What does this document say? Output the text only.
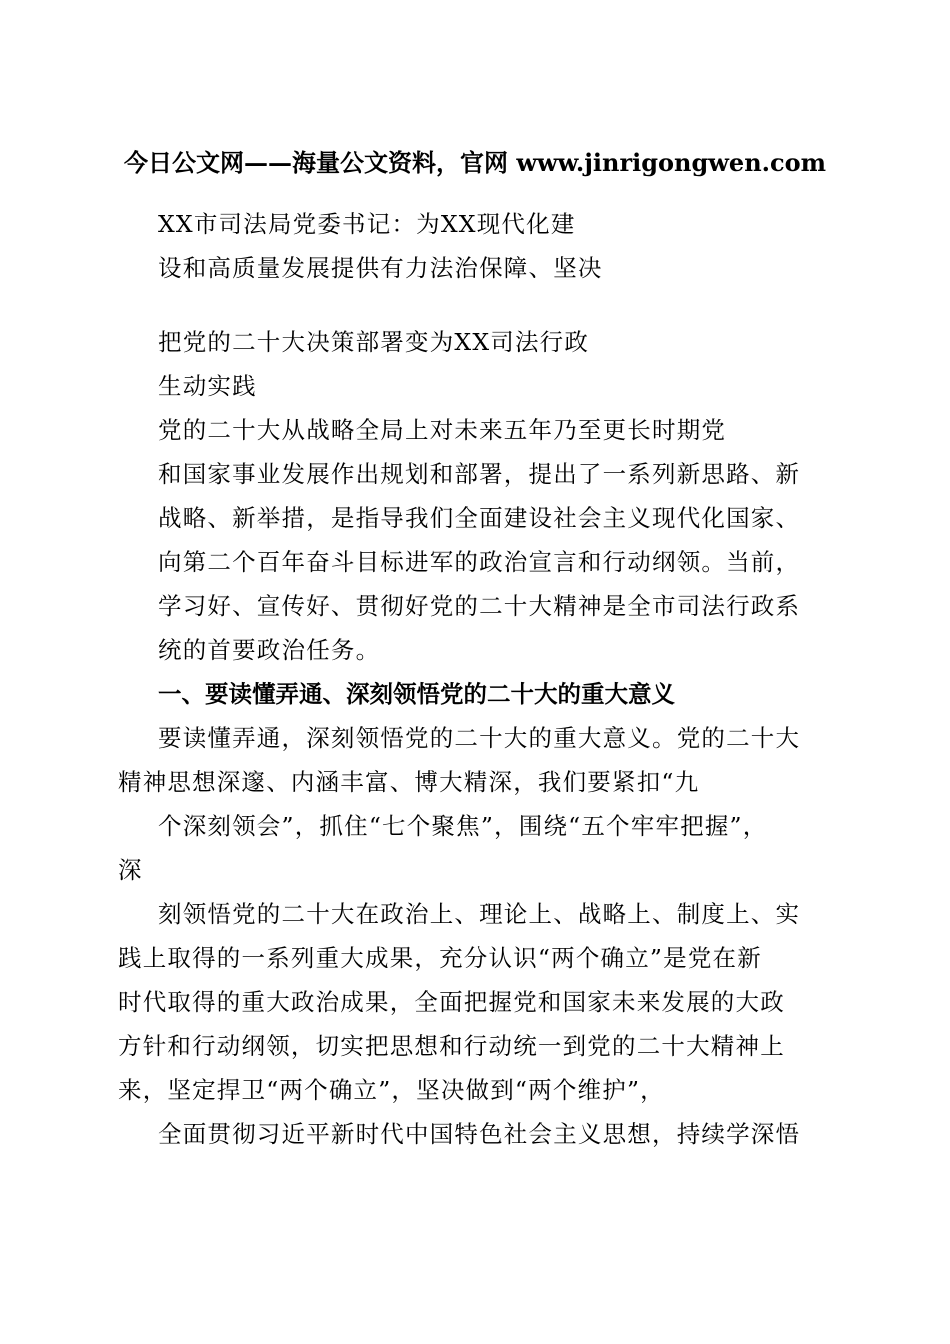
今日公文网——海量公文资料，官网 www.jinrigongwen.com
XX市司法局党委书记：为XX现代化建
设和高质量发展提供有力法治保障、坚决
把党的二十大决策部署变为XX司法行政
生动实践
党的二十大从战略全局上对未来五年乃至更长时期党
和国家事业发展作出规划和部署，提出了一系列新思路、新
战略、新举措，是指导我们全面建设社会主义现代化国家、
向第二个百年奋斗目标进军的政治宣言和行动纲领。当前，
学习好、宣传好、贯彻好党的二十大精神是全市司法行政系
统的首要政治任务。
一、要读懂弄通、深刻领悟党的二十大的重大意义
要读懂弄通，深刻领悟党的二十大的重大意义。党的二十大
精神思想深邃、内涵丰富、博大精深，我们要紧扣“九
个深刻领会”，抓住“七个聚焦”，围绕“五个牢牢把握”，
深
刻领悟党的二十大在政治上、理论上、战略上、制度上、实
践上取得的一系列重大成果，充分认识“两个确立”是党在新
时代取得的重大政治成果，全面把握党和国家未来发展的大政
方针和行动纲领，切实把思想和行动统一到党的二十大精神上
来，坚定捍卫“两个确立”，坚决做到“两个维护”，
全面贯彻习近平新时代中国特色社会主义思想，持续学深悟
